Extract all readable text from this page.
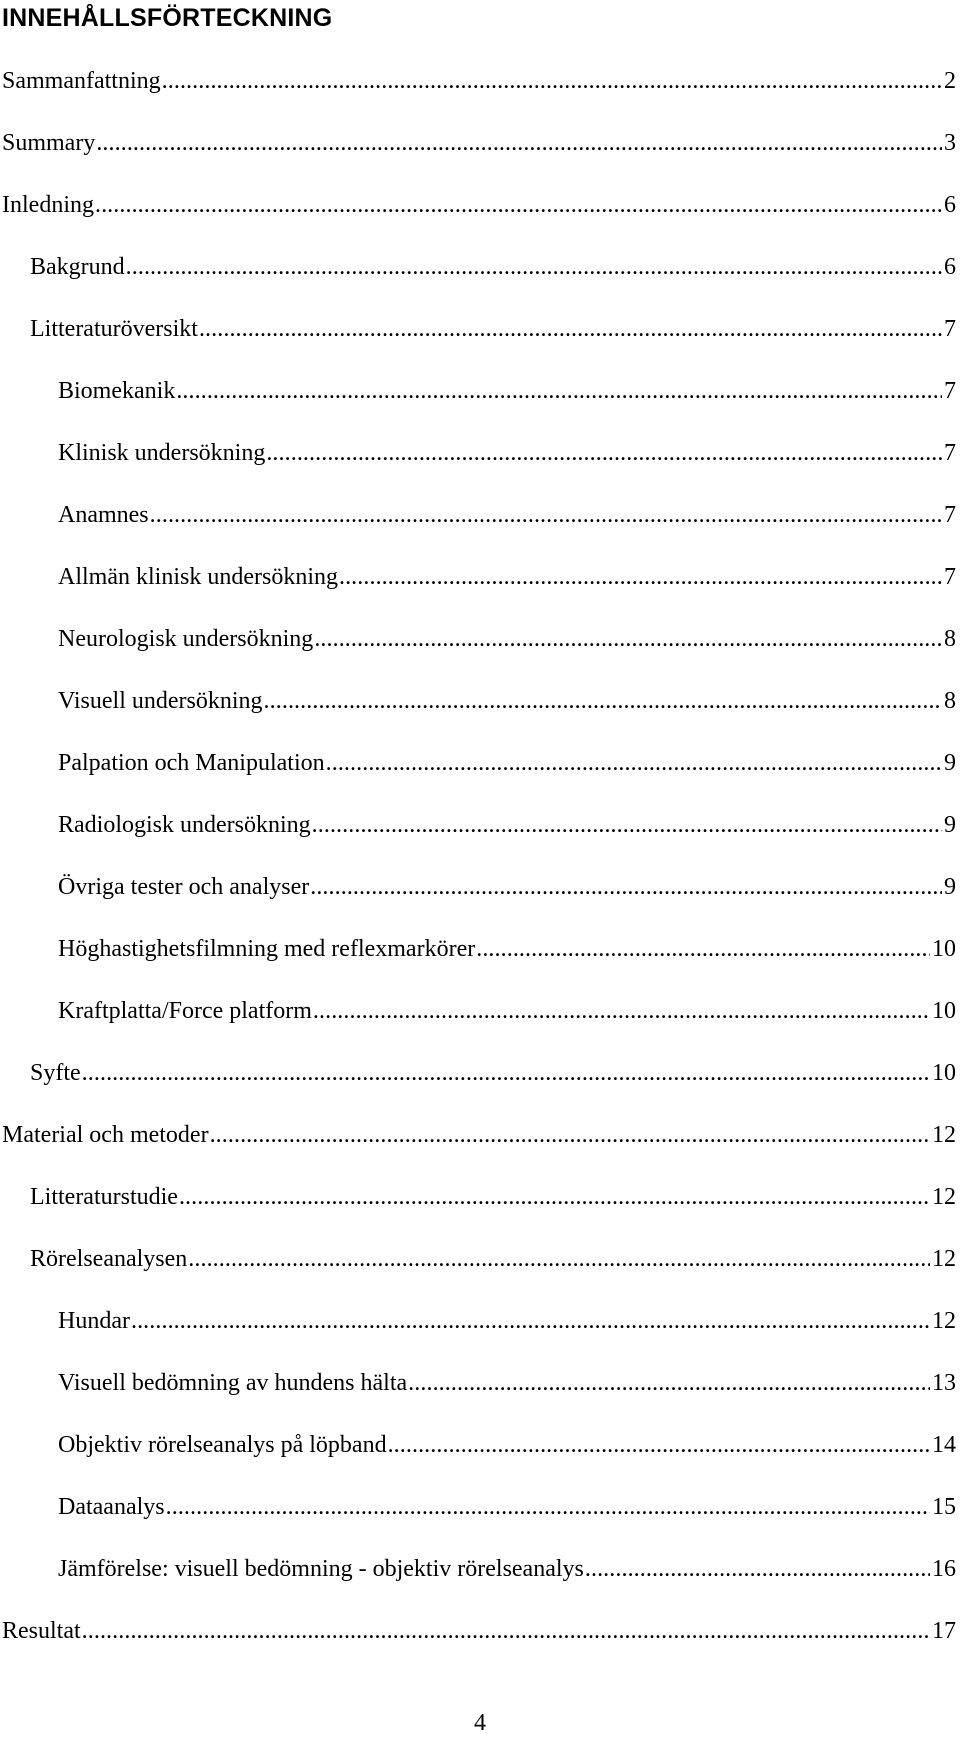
INNEHÅLLSFÖRTECKNING
Sammanfattning .....	2
Summary .....	3
Inledning .....	6
Bakgrund .....	6
Litteraturöversikt .....	7
Biomekanik .....	7
Klinisk undersökning .....	7
Anamnes .....	7
Allmän klinisk undersökning .....	7
Neurologisk undersökning .....	8
Visuell undersökning .....	8
Palpation och Manipulation .....	9
Radiologisk undersökning .....	9
Övriga tester och analyser .....	9
Höghastighetsfilmning med reflexmarkörer .....	10
Kraftplatta/Force platform .....	10
Syfte .....	10
Material och metoder .....	12
Litteraturstudie .....	12
Rörelseanalysen .....	12
Hundar .....	12
Visuell bedömning av hundens hälta .....	13
Objektiv rörelseanalys på löpband .....	14
Dataanalys .....	15
Jämförelse: visuell bedömning - objektiv rörelseanalys .....	16
Resultat .....	17
4
